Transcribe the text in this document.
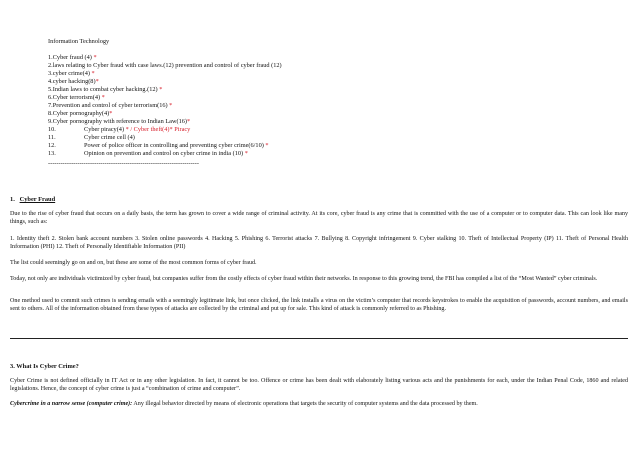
Information Technology
1.Cyber fraud (4) *
2.laws relating to Cyber fraud with case laws.(12) prevention and control of cyber fraud (12)
3.cyber crime(4) *
4.cyber hacking(8)*
5.Indian laws to combat cyber hacking.(12) *
6.Cyber terrorism(4) *
7.Prevention and control of cyber terrorism(16) *
8.Cyber pornography(4)*
9.Cyber pornography with reference to Indian Law(16)*
10.	Cyber piracy(4) * / Cyber theft(4)* Piracy
11.	Cyber crime cell (4)
12.	Power of police officer in controlling and preventing cyber crime(6/10) *
13.	Opinion on prevention and control on cyber crime in india (10) *
------------------------------------------------------------------------
1. Cyber Fraud
Due to the rise of cyber fraud that occurs on a daily basis, the term has grown to cover a wide range of criminal activity. At its core, cyber fraud is any crime that is committed with the use of a computer or to computer data. This can look like many things, such as:
1. Identity theft 2. Stolen bank account numbers 3. Stolen online passwords 4. Hacking 5. Phishing 6. Terrorist attacks 7. Bullying 8. Copyright infringement 9. Cyber stalking 10. Theft of Intellectual Property (IP) 11. Theft of Personal Health Information (PHI) 12. Theft of Personally Identifiable Information (PII)
The list could seemingly go on and on, but these are some of the most common forms of cyber fraud.
Today, not only are individuals victimized by cyber fraud, but companies suffer from the costly effects of cyber fraud within their networks. In response to this growing trend, the FBI has compiled a list of the “Most Wanted” cyber criminals.
One method used to commit such crimes is sending emails with a seemingly legitimate link, but once clicked, the link installs a virus on the victim’s computer that records keystrokes to enable the acquisition of passwords, account numbers, and emails sent to others. All of the information obtained from these types of attacks are collected by the criminal and put up for sale. This kind of attack is commonly referred to as Phishing.
3. What Is Cyber Crime?
Cyber Crime is not defined officially in IT Act or in any other legislation. In fact, it cannot be too. Offence or crime has been dealt with elaborately listing various acts and the punishments for each, under the Indian Penal Code, 1860 and related legislations. Hence, the concept of cyber crime is just a “combination of crime and computer”.
Cybercrime in a narrow sense (computer crime): Any illegal behavior directed by means of electronic operations that targets the security of computer systems and the data processed by them.
